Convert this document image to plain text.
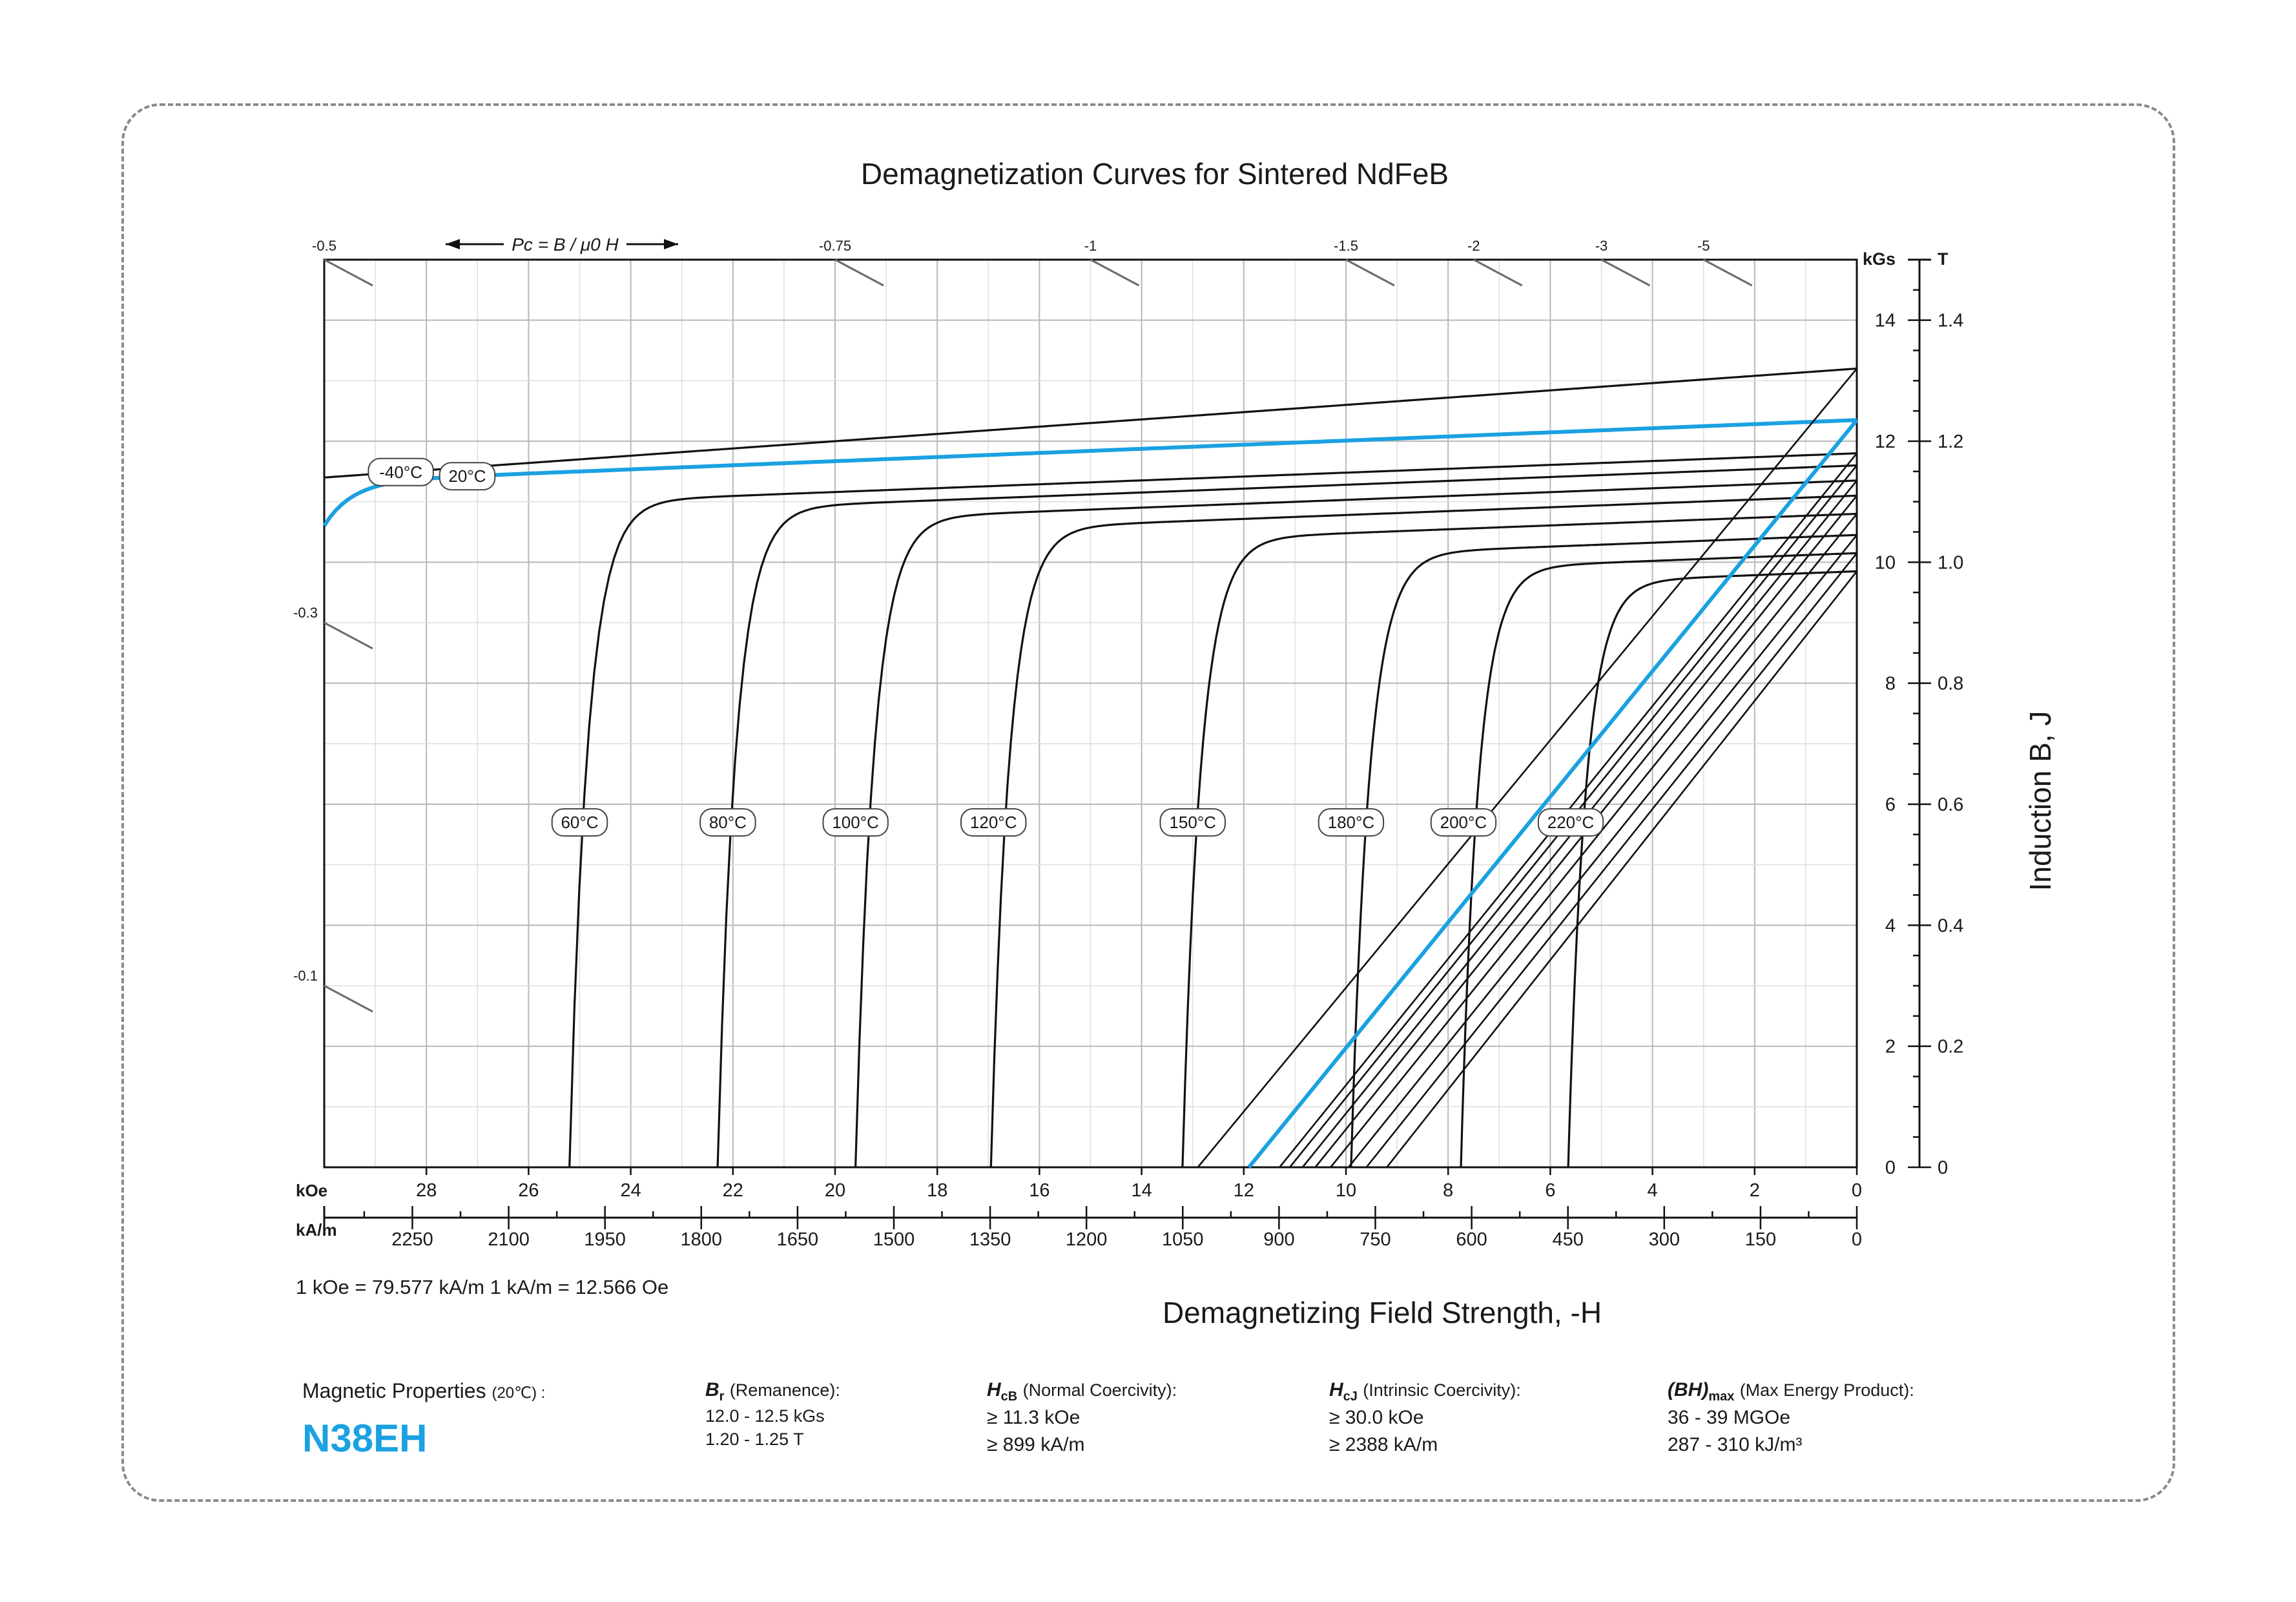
Demagnetization Curves for Sintered NdFeB
-0.5	-0.75	-1	-1.5	-2	-3	-5
-0.3
-0.1
Pc = B / μ0 H
-40°C 20°C
60°C	80°C	100°C	120°C	150°C	180°C	200°C	220°C
28	26	24	22	20	18	16	14	12	10	8	6	4	2	0
kOe
2250	2100	1950	1800	1650	1500	1350	1200	1050	900	750	600	450	300	150	0
kA/m
0
2
4
6
8
10
12
14
kGs
0
0.2
0.4
0.6
0.8
1.0
1.2
1.4
T
Demagnetizing Field Strength, -H
Induction B, J
1 kOe = 79.577 kA/m 1 kA/m = 12.566 Oe
Magnetic Properties (20℃) :
N38EH
$B_r$ (Remanence):
12.0 - 12.5 kGs
1.20 - 1.25 T
$H_{cB}$ (Normal Coercivity):
≥ 11.3 kOe
≥ 899 kA/m
$H_{cJ}$ (Intrinsic Coercivity):
≥ 30.0 kOe
≥ 2388 kA/m
$(BH)_{max}$ (Max Energy Product):
36 - 39 MGOe
287 - 310 kJ/m³
